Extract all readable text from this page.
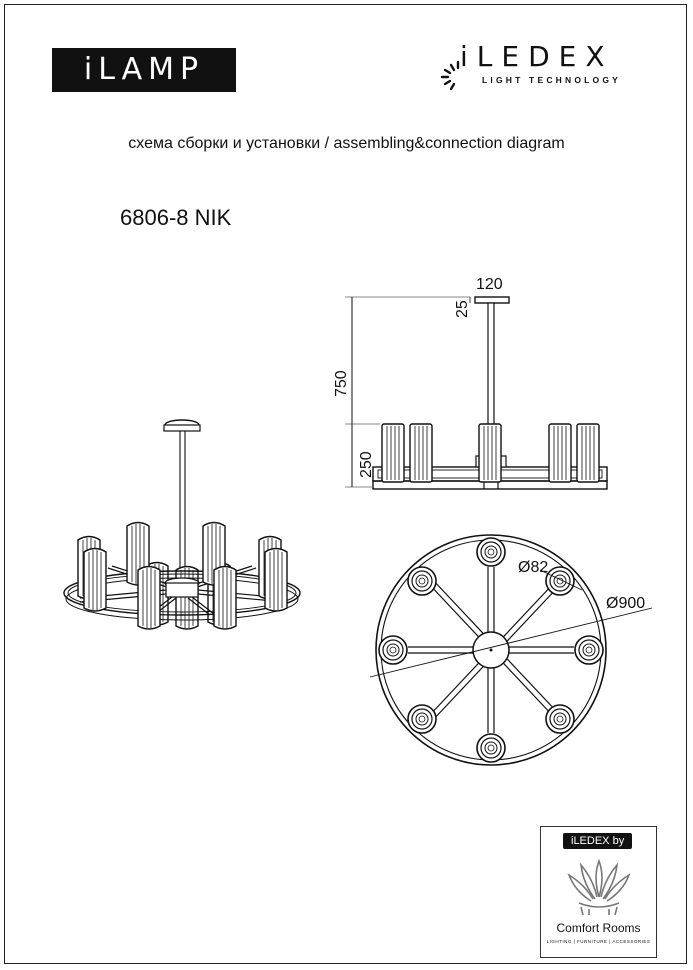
iLAMP	iLEDEX
LIGHT TECHNOLOGY
схема сборки и установки / assembling&connection diagram
6806-8 NIK
120
25
750
250
Ø82
Ø900
iLEDEX by
Comfort Rooms
LIGHTING | FURNITURE | ACCESSORIES
